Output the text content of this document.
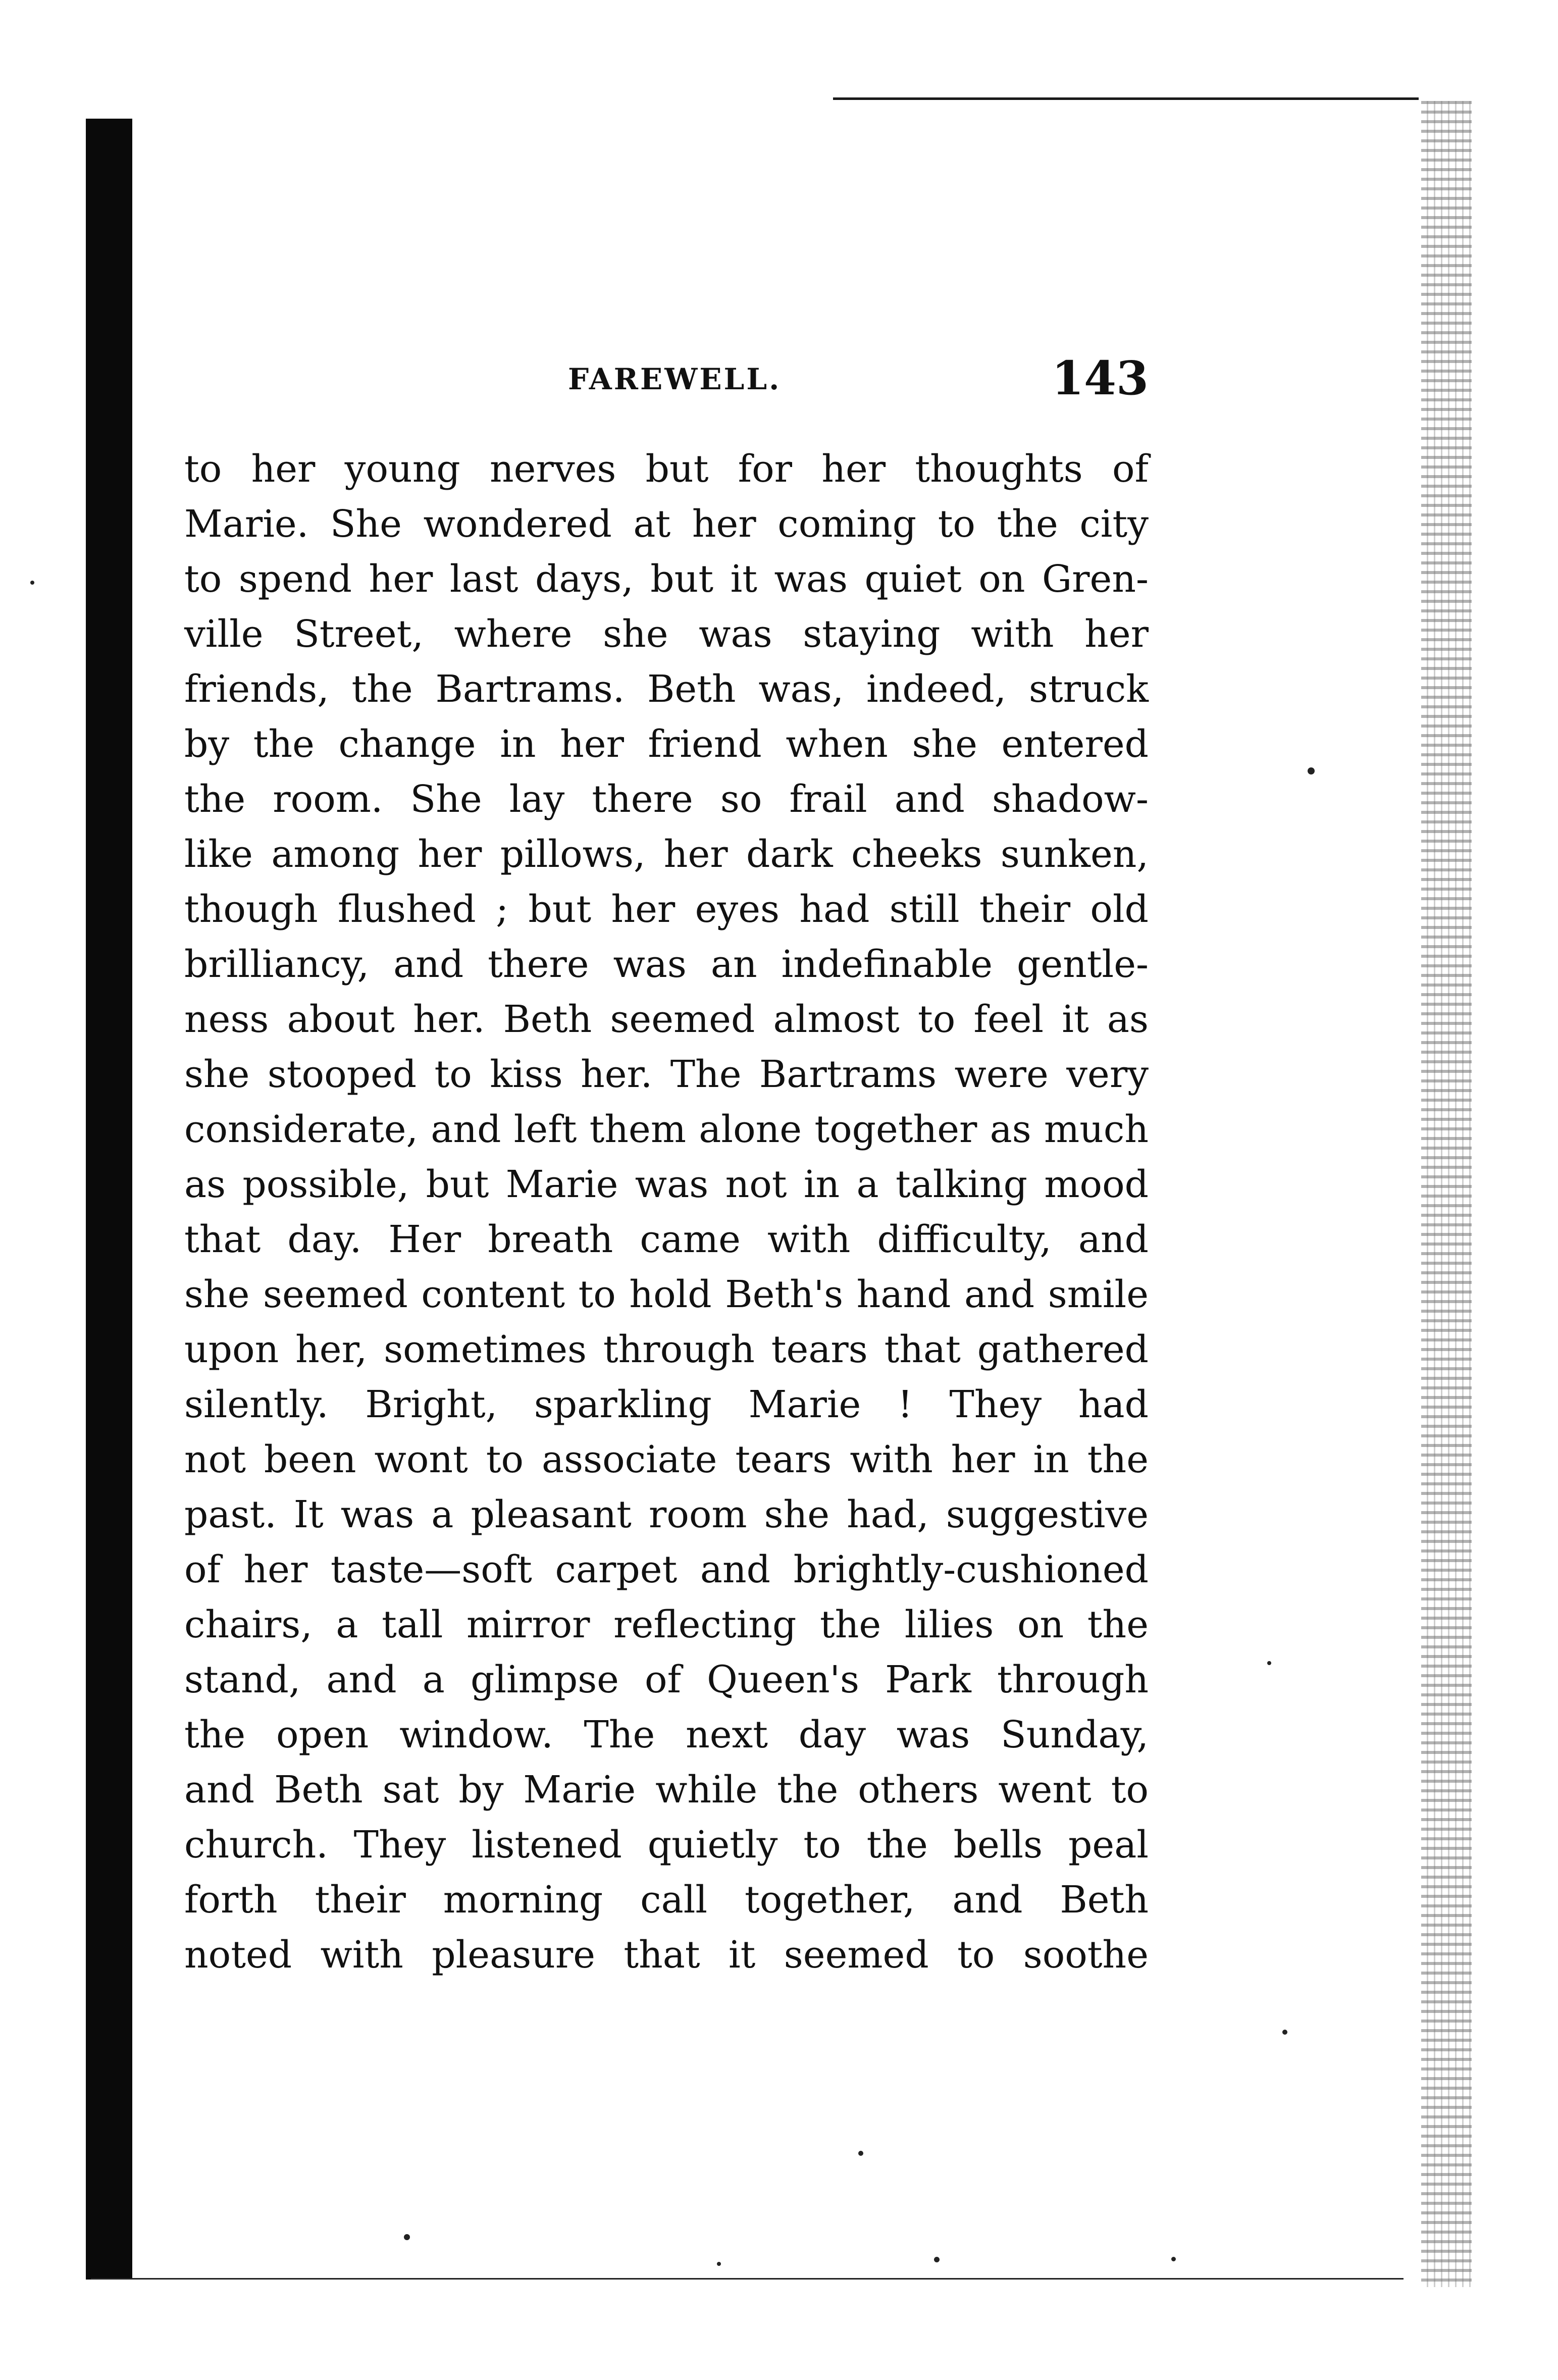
FAREWELL.	143
to her young nerves but for her thoughts of
Marie. She wondered at her coming to the city
to spend her last days, but it was quiet on Gren-
ville Street, where she was staying with her
friends, the Bartrams. Beth was, indeed, struck
by the change in her friend when she entered
the room. She lay there so frail and shadow-
like among her pillows, her dark cheeks sunken,
though flushed ; but her eyes had still their old
brilliancy, and there was an indefinable gentle-
ness about her. Beth seemed almost to feel it as
she stooped to kiss her. The Bartrams were very
considerate, and left them alone together as much
as possible, but Marie was not in a talking mood
that day. Her breath came with difficulty, and
she seemed content to hold Beth's hand and smile
upon her, sometimes through tears that gathered
silently. Bright, sparkling Marie ! They had
not been wont to associate tears with her in the
past. It was a pleasant room she had, suggestive
of her taste—soft carpet and brightly-cushioned
chairs, a tall mirror reflecting the lilies on the
stand, and a glimpse of Queen's Park through
the open window. The next day was Sunday,
and Beth sat by Marie while the others went to
church. They listened quietly to the bells peal
forth their morning call together, and Beth
noted with pleasure that it seemed to soothe
